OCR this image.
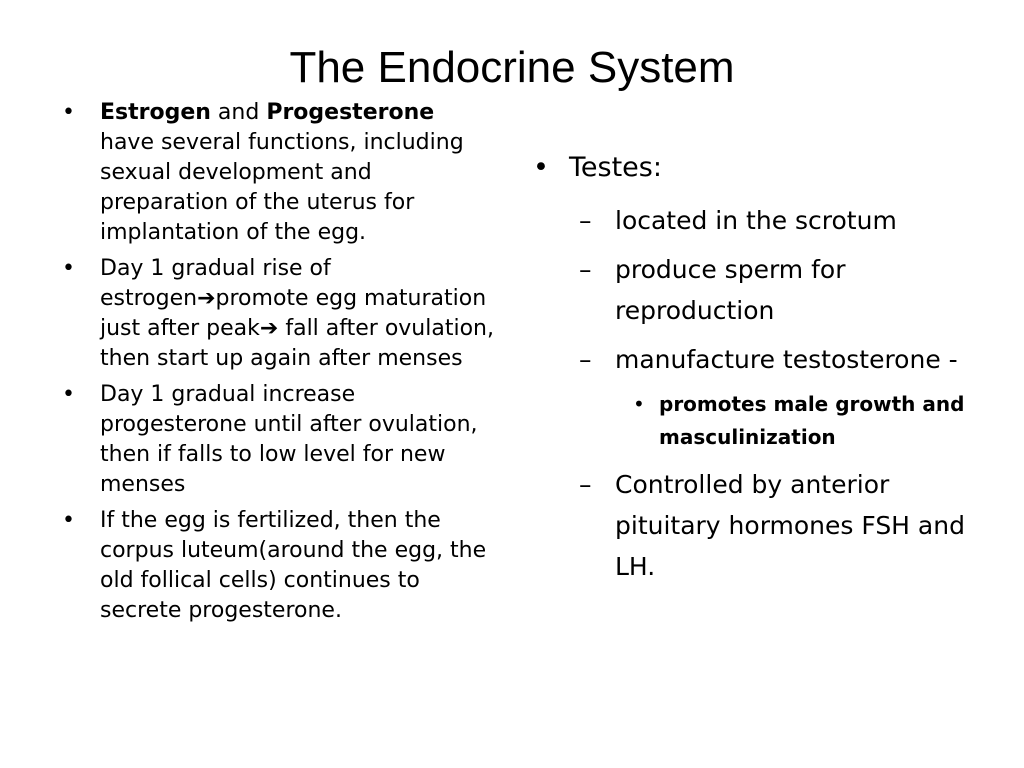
The Endocrine System
• Estrogen and Progesterone have several functions, including sexual development and preparation of the uterus for implantation of the egg.
• Day 1 gradual rise of estrogen➔promote egg maturation just after peak➔ fall after ovulation, then start up again after menses
• Day 1 gradual increase progesterone until after ovulation, then if falls to low level for new menses
• If the egg is fertilized, then the corpus luteum(around the egg, the old follical cells) continues to secrete progesterone.
• Testes:
– located in the scrotum
– produce sperm for reproduction
– manufacture testosterone -
• promotes male growth and masculinization
– Controlled by anterior pituitary hormones FSH and LH.
